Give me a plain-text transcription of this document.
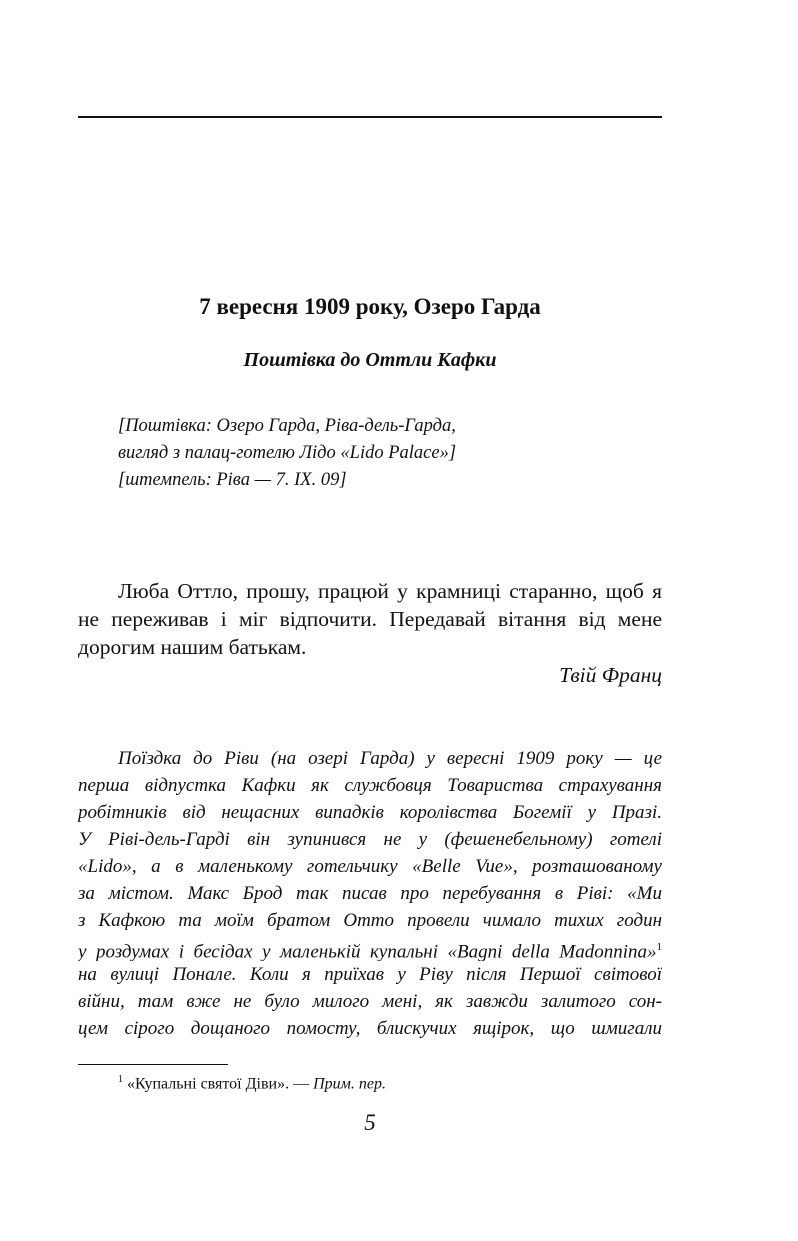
7 вересня 1909 року, Озеро Гарда
Поштівка до Оттли Кафки
[Поштівка: Озеро Гарда, Ріва-дель-Гарда,
вигляд з палац-готелю Лідо «Lido Palace»]
[штемпель: Ріва — 7. IX. 09]

Люба Оттло, прошу, працюй у крамниці старанно, щоб я не переживав і міг відпочити. Передавай вітання від мене дорогим нашим батькам.

Твій Франц
Поїздка до Ріви (на озері Гарда) у вересні 1909 року — це
перша відпустка Кафки як службовця Товариства страхування
робітників від нещасних випадків королівства Богемії у Празі.
У Ріві-дель-Гарді він зупинився не у (фешенебельному) готелі
«Lido», а в маленькому готельчику «Belle Vue», розташованому
за містом. Макс Брод так писав про перебування в Ріві: «Ми
з Кафкою та моїм братом Отто провели чимало тихих годин
у роздумах і бесідах у маленькій купальні «Bagni della Madonnina»$^1$
на вулиці Понале. Коли я приїхав у Ріву після Першої світової
війни, там вже не було милого мені, як завжди залитого сон-
цем сірого дощаного помосту, блискучих ящірок, що шмигали
$^1$ «Купальні святої Діви». — Прим. пер.
5
